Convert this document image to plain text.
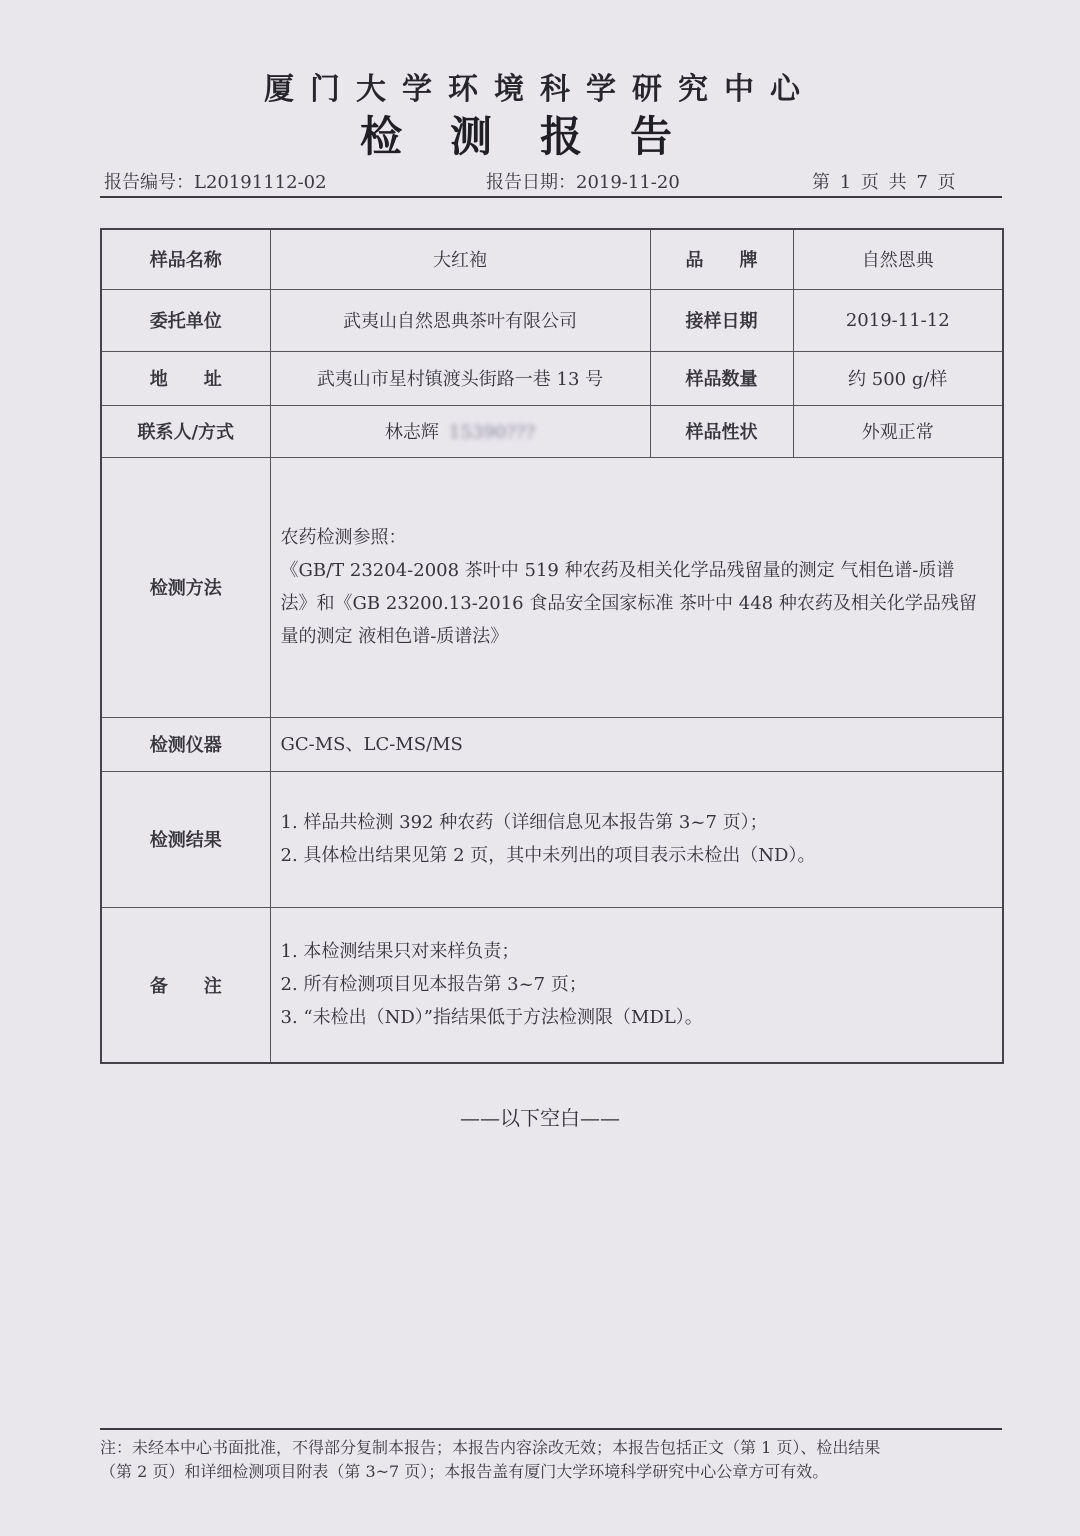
厦门大学环境科学研究中心
检测报告
报告编号：L20191112-02	报告日期：2019-11-20	第 1 页 共 7 页
样品名称	大红袍	品　　牌	自然恩典
委托单位	武夷山自然恩典茶叶有限公司	接样日期	2019-11-12
地　　址	武夷山市星村镇渡头街路一巷 13 号	样品数量	约 500 g/样
联系人/方式	林志辉 15390???	样品性状	外观正常
检测方法	农药检测参照：

《GB/T 23204-2008 茶叶中 519 种农药及相关化学品残留量的测定 气相色谱-质谱

法》和《GB 23200.13-2016 食品安全国家标准 茶叶中 448 种农药及相关化学品残留

量的测定 液相色谱-质谱法》		

检测仪器	GC-MS、LC-MS/MS		
检测结果	1. 样品共检测 392 种农药（详细信息见本报告第 3~7 页）；

2. 具体检出结果见第 2 页，其中未列出的项目表示未检出（ND）。		

备　　注	1. 本检测结果只对来样负责；

2. 所有检测项目见本报告第 3~7 页；

3. “未检出（ND）”指结果低于方法检测限（MDL）。		

——以下空白——

注：未经本中心书面批准，不得部分复制本报告；本报告内容涂改无效；本报告包括正文（第 1 页）、检出结果

（第 2 页）和详细检测项目附表（第 3~7 页）；本报告盖有厦门大学环境科学研究中心公章方可有效。
